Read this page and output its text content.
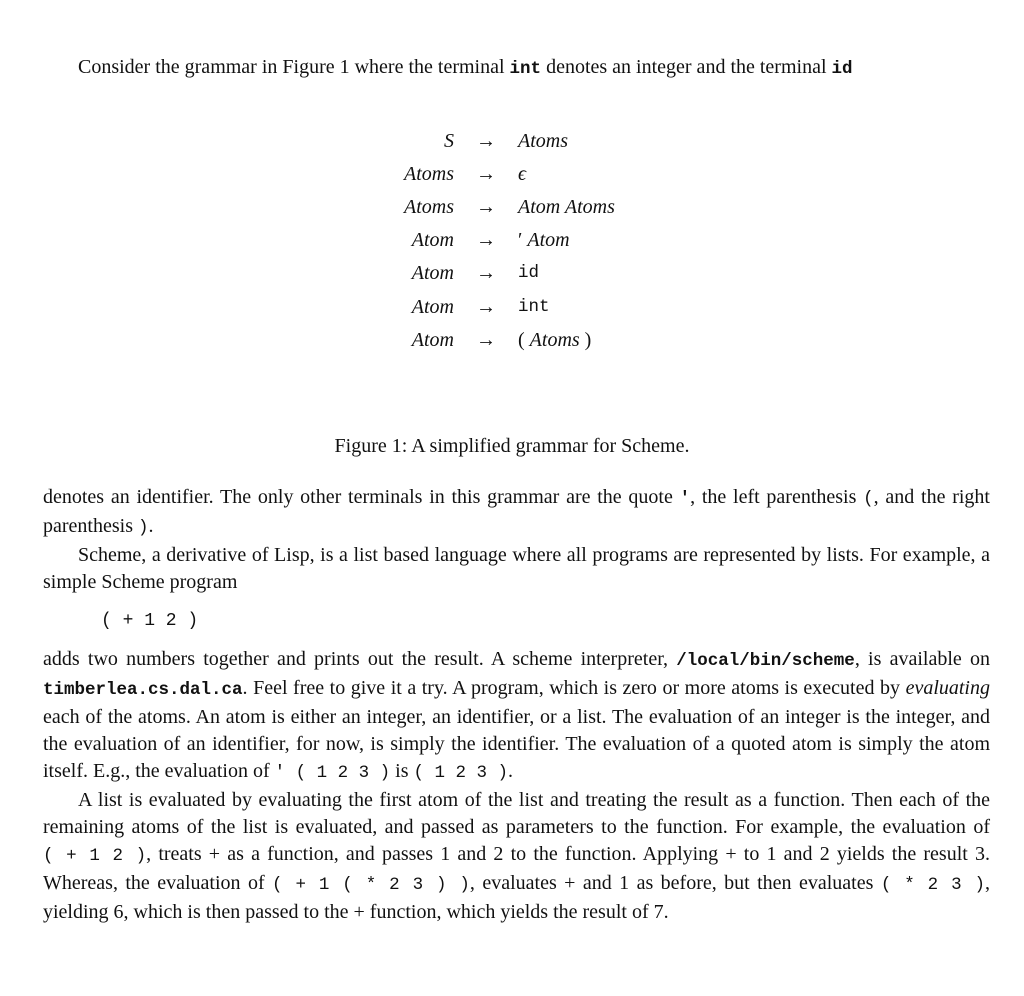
Consider the grammar in Figure 1 where the terminal int denotes an integer and the terminal id
S → Atoms
Atoms → ϵ
Atoms → Atom Atoms
Atom → ′ Atom
Atom → id
Atom → int
Atom → ( Atoms )
Figure 1: A simplified grammar for Scheme.

denotes an identifier. The only other terminals in this grammar are the quote ', the left parenthesis (, and the right parenthesis ).

Scheme, a derivative of Lisp, is a list based language where all programs are represented by lists. For example, a simple Scheme program

( + 1 2 )

adds two numbers together and prints out the result. A scheme interpreter, /local/bin/scheme, is available on timberlea.cs.dal.ca. Feel free to give it a try. A program, which is zero or more atoms is executed by evaluating each of the atoms. An atom is either an integer, an identifier, or a list. The evaluation of an integer is the integer, and the evaluation of an identifier, for now, is simply the identifier. The evaluation of a quoted atom is simply the atom itself. E.g., the evaluation of ' ( 1 2 3 ) is ( 1 2 3 ).

A list is evaluated by evaluating the first atom of the list and treating the result as a function. Then each of the remaining atoms of the list is evaluated, and passed as parameters to the function. For example, the evaluation of ( + 1 2 ), treats + as a function, and passes 1 and 2 to the function. Applying + to 1 and 2 yields the result 3. Whereas, the evaluation of ( + 1 ( * 2 3 ) ), evaluates + and 1 as before, but then evaluates ( * 2 3 ), yielding 6, which is then passed to the + function, which yields the result of 7.
